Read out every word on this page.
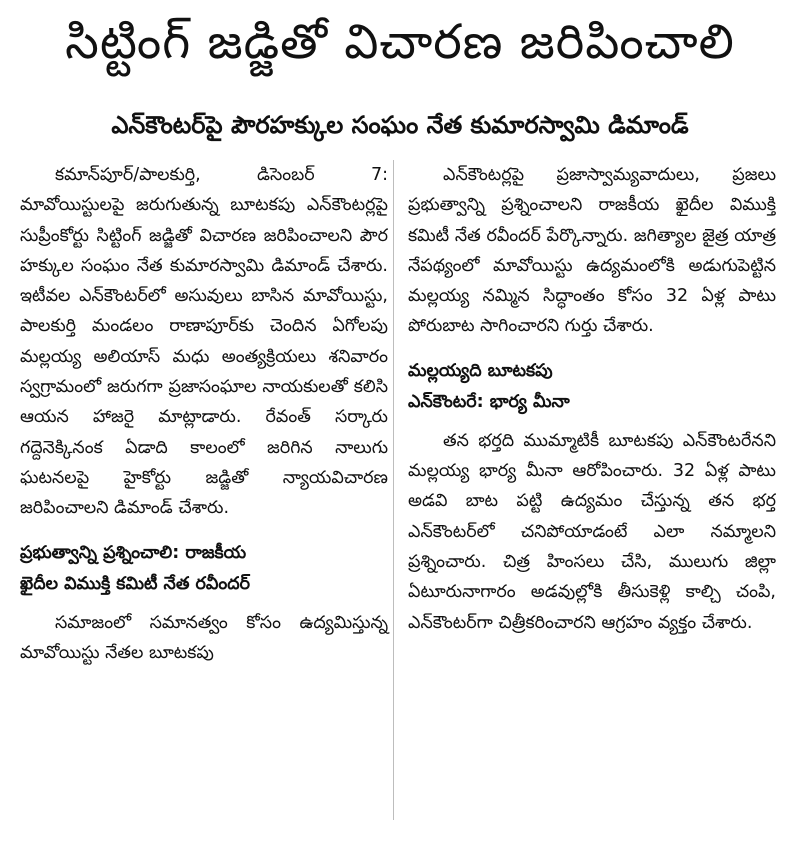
సిట్టింగ్ జడ్జితో విచారణ జరిపించాలి
ఎన్‌కౌంటర్‌పై పౌరహక్కుల సంఘం నేత కుమారస్వామి డిమాండ్

కమాన్‌పూర్/పాలకుర్తి, డిసెంబర్ 7: మావోయిస్టులపై జరుగుతున్న బూటకపు ఎన్‌కౌంటర్లపై సుప్రీంకోర్టు సిట్టింగ్ జడ్జితో విచారణ జరిపించాలని పౌర హక్కుల సంఘం నేత కుమారస్వామి డిమాండ్ చేశారు. ఇటీవల ఎన్‌కౌంటర్‌లో అసువులు బాసిన మావోయిస్టు, పాలకుర్తి మండలం రాణాపూర్‌కు చెందిన ఏగోలపు మల్లయ్య అలియాస్ మధు అంత్యక్రియలు శనివారం స్వగ్రామంలో జరుగగా ప్రజాసంఘాల నాయకులతో కలిసి ఆయన హాజరై మాట్లాడారు. రేవంత్ సర్కారు గద్దెనెక్కినంక ఏడాది కాలంలో జరిగిన నాలుగు ఘటనలపై హైకోర్టు జడ్జితో న్యాయవిచారణ జరిపించాలని డిమాండ్ చేశారు.

ప్రభుత్వాన్ని ప్రశ్నించాలి: రాజకీయ
ఖైదీల విముక్తి కమిటీ నేత రవీందర్

సమాజంలో సమానత్వం కోసం ఉద్యమిస్తున్న మావోయిస్టు నేతల బూటకపు

ఎన్‌కౌంటర్లపై ప్రజాస్వామ్యవాదులు, ప్రజలు ప్రభుత్వాన్ని ప్రశ్నించాలని రాజకీయ ఖైదీల విముక్తి కమిటీ నేత రవీందర్ పేర్కొన్నారు. జగిత్యాల జైత్ర యాత్ర నేపథ్యంలో మావోయిస్టు ఉద్యమంలోకి అడుగుపెట్టిన మల్లయ్య నమ్మిన సిద్ధాంతం కోసం 32 ఏళ్ల పాటు పోరుబాట సాగించారని గుర్తు చేశారు.

మల్లయ్యది బూటకపు
ఎన్‌కౌంటరే: భార్య మీనా

తన భర్తది ముమ్మాటికీ బూటకపు ఎన్‌కౌంటరేనని మల్లయ్య భార్య మీనా ఆరోపించారు. 32 ఏళ్ల పాటు అడవి బాట పట్టి ఉద్యమం చేస్తున్న తన భర్త ఎన్‌కౌంటర్‌లో చనిపోయాడంటే ఎలా నమ్మాలని ప్రశ్నించారు. చిత్ర హింసలు చేసి, ములుగు జిల్లా ఏటూరునాగారం అడవుల్లోకి తీసుకెళ్లి కాల్చి చంపి, ఎన్‌కౌంటర్‌గా చిత్రీకరించారని ఆగ్రహం వ్యక్తం చేశారు.
